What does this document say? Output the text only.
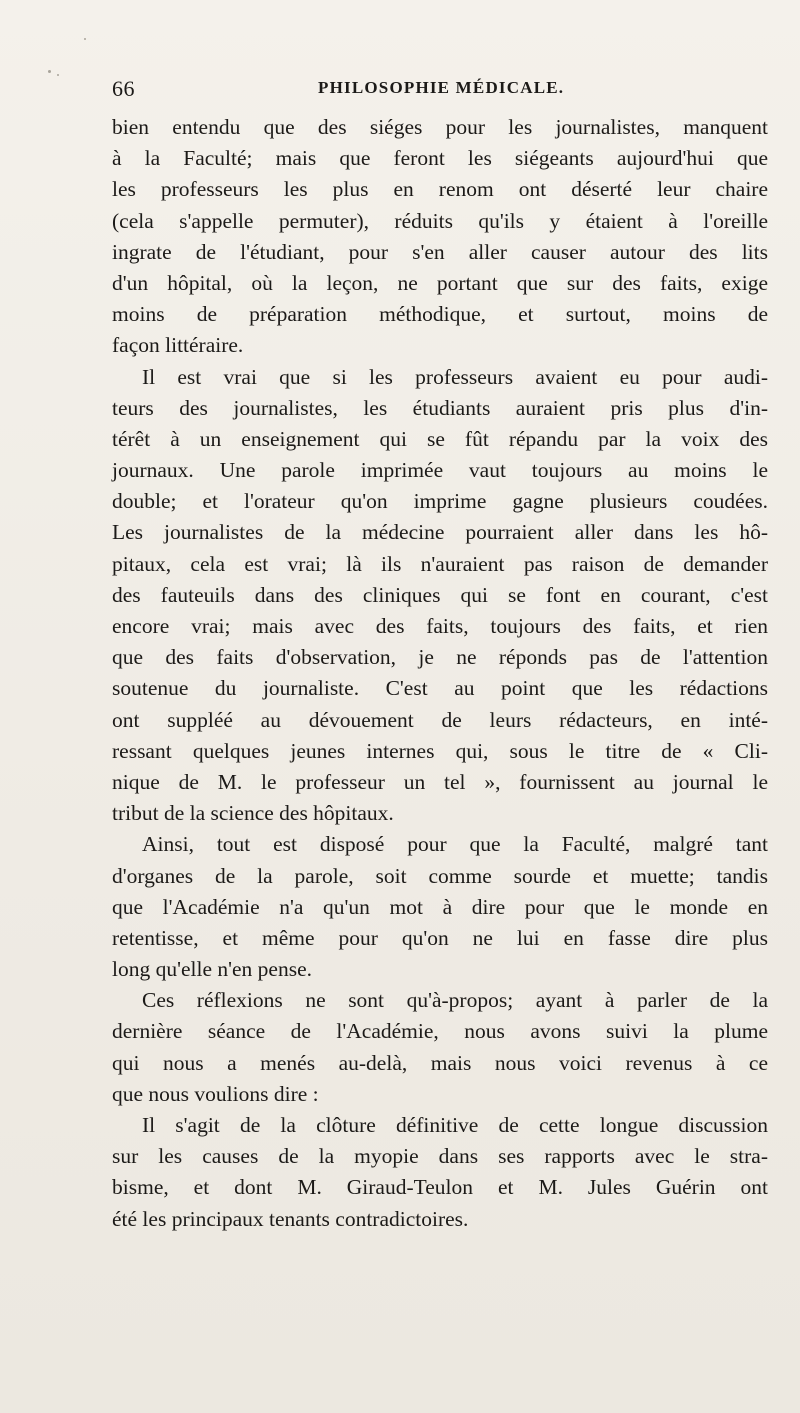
66	PHILOSOPHIE MÉDICALE.
bien entendu que des siéges pour les journalistes, manquent
à la Faculté; mais que feront les siégeants aujourd'hui que
les professeurs les plus en renom ont déserté leur chaire
(cela s'appelle permuter), réduits qu'ils y étaient à l'oreille
ingrate de l'étudiant, pour s'en aller causer autour des lits
d'un hôpital, où la leçon, ne portant que sur des faits, exige
moins de préparation méthodique, et surtout, moins de
façon littéraire.
Il est vrai que si les professeurs avaient eu pour audi-
teurs des journalistes, les étudiants auraient pris plus d'in-
térêt à un enseignement qui se fût répandu par la voix des
journaux. Une parole imprimée vaut toujours au moins le
double; et l'orateur qu'on imprime gagne plusieurs coudées.
Les journalistes de la médecine pourraient aller dans les hô-
pitaux, cela est vrai; là ils n'auraient pas raison de demander
des fauteuils dans des cliniques qui se font en courant, c'est
encore vrai; mais avec des faits, toujours des faits, et rien
que des faits d'observation, je ne réponds pas de l'attention
soutenue du journaliste. C'est au point que les rédactions
ont suppléé au dévouement de leurs rédacteurs, en inté-
ressant quelques jeunes internes qui, sous le titre de « Cli-
nique de M. le professeur un tel », fournissent au journal le
tribut de la science des hôpitaux.
Ainsi, tout est disposé pour que la Faculté, malgré tant
d'organes de la parole, soit comme sourde et muette; tandis
que l'Académie n'a qu'un mot à dire pour que le monde en
retentisse, et même pour qu'on ne lui en fasse dire plus
long qu'elle n'en pense.
Ces réflexions ne sont qu'à-propos; ayant à parler de la
dernière séance de l'Académie, nous avons suivi la plume
qui nous a menés au-delà, mais nous voici revenus à ce
que nous voulions dire :
Il s'agit de la clôture définitive de cette longue discussion
sur les causes de la myopie dans ses rapports avec le stra-
bisme, et dont M. Giraud-Teulon et M. Jules Guérin ont
été les principaux tenants contradictoires.
